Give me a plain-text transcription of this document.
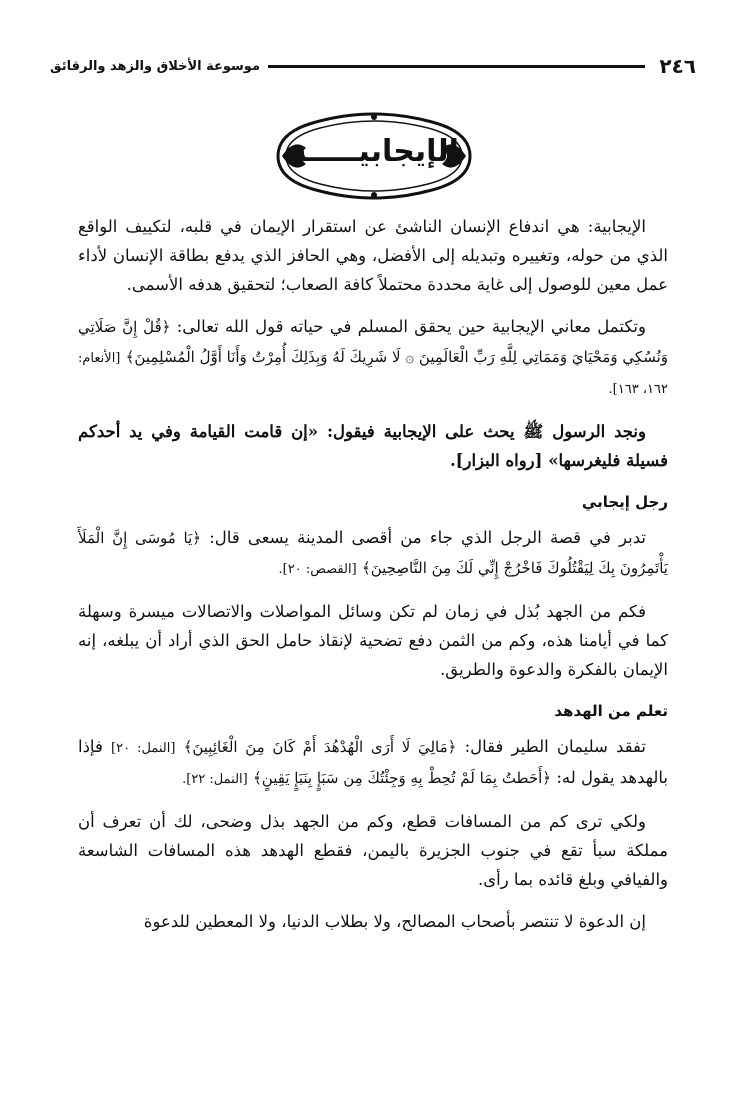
٢٤٦
موسوعة الأخلاق والزهد والرقائق
الإيجابيـــــة

الإيجابية: هي اندفاع الإنسان الناشئ عن استقرار الإيمان في قلبه، لتكييف الواقع الذي من حوله، وتغييره وتبديله إلى الأفضل، وهي الحافز الذي يدفع بطاقة الإنسان لأداء عمل معين للوصول إلى غاية محددة محتملاً كافة الصعاب؛ لتحقيق هدفه الأسمى.

وتكتمل معاني الإيجابية حين يحقق المسلم في حياته قول الله تعالى: ﴿قُلْ إِنَّ صَلَاتِي وَنُسُكِي وَمَحْيَايَ وَمَمَاتِي لِلَّهِ رَبِّ الْعَالَمِينَ ۞ لَا شَرِيكَ لَهُ وَبِذَلِكَ أُمِرْتُ وَأَنَا أَوَّلُ الْمُسْلِمِينَ﴾ [الأنعام: ١٦٢، ١٦٣].

ونجد الرسول ﷺ يحث على الإيجابية فيقول: «إن قامت القيامة وفي يد أحدكم فسيلة فليغرسها» [رواه البزار].

رجل إيجابي

تدبر في قصة الرجل الذي جاء من أقصى المدينة يسعى قال: ﴿يَا مُوسَى إِنَّ الْمَلَأَ يَأْتَمِرُونَ بِكَ لِيَقْتُلُوكَ فَاخْرُجْ إِنِّي لَكَ مِنَ النَّاصِحِينَ﴾ [القصص: ٢٠].

فكم من الجهد بُذل في زمان لم تكن وسائل المواصلات والاتصالات ميسرة وسهلة كما في أيامنا هذه، وكم من الثمن دفع تضحية لإنقاذ حامل الحق الذي أراد أن يبلغه، إنه الإيمان بالفكرة والدعوة والطريق.

تعلم من الهدهد

تفقد سليمان الطير فقال: ﴿مَالِيَ لَا أَرَى الْهُدْهُدَ أَمْ كَانَ مِنَ الْغَائِبِينَ﴾ [النمل: ٢٠] فإذا بالهدهد يقول له: ﴿أَحَطتُ بِمَا لَمْ تُحِطْ بِهِ وَجِئْتُكَ مِن سَبَإٍ بِنَبَإٍ يَقِينٍ﴾ [النمل: ٢٢].

ولكي ترى كم من المسافات قطع، وكم من الجهد بذل وضحى، لك أن تعرف أن مملكة سبأ تقع في جنوب الجزيرة باليمن، فقطع الهدهد هذه المسافات الشاسعة والفيافي وبلغ قائده بما رأى.

إن الدعوة لا تنتصر بأصحاب المصالح، ولا بطلاب الدنيا، ولا المعطين للدعوة
